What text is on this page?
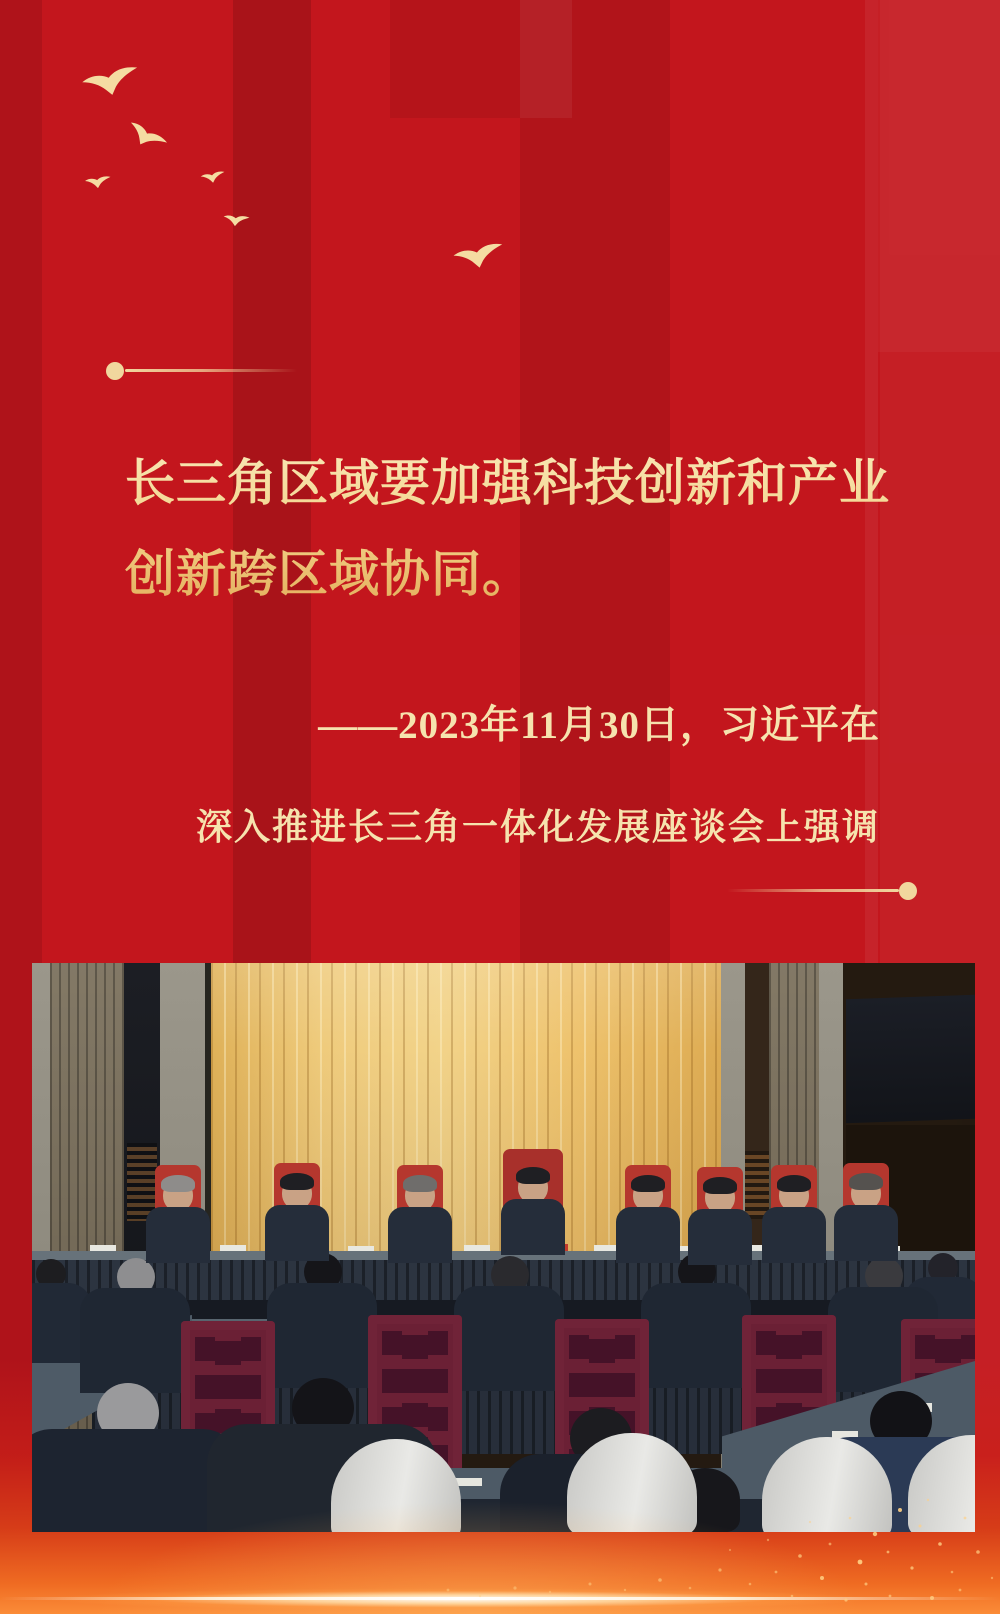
长三角区域要加强科技创新和产业
创新跨区域协同。
——2023年11月30日，习近平在
深入推进长三角一体化发展座谈会上强调
